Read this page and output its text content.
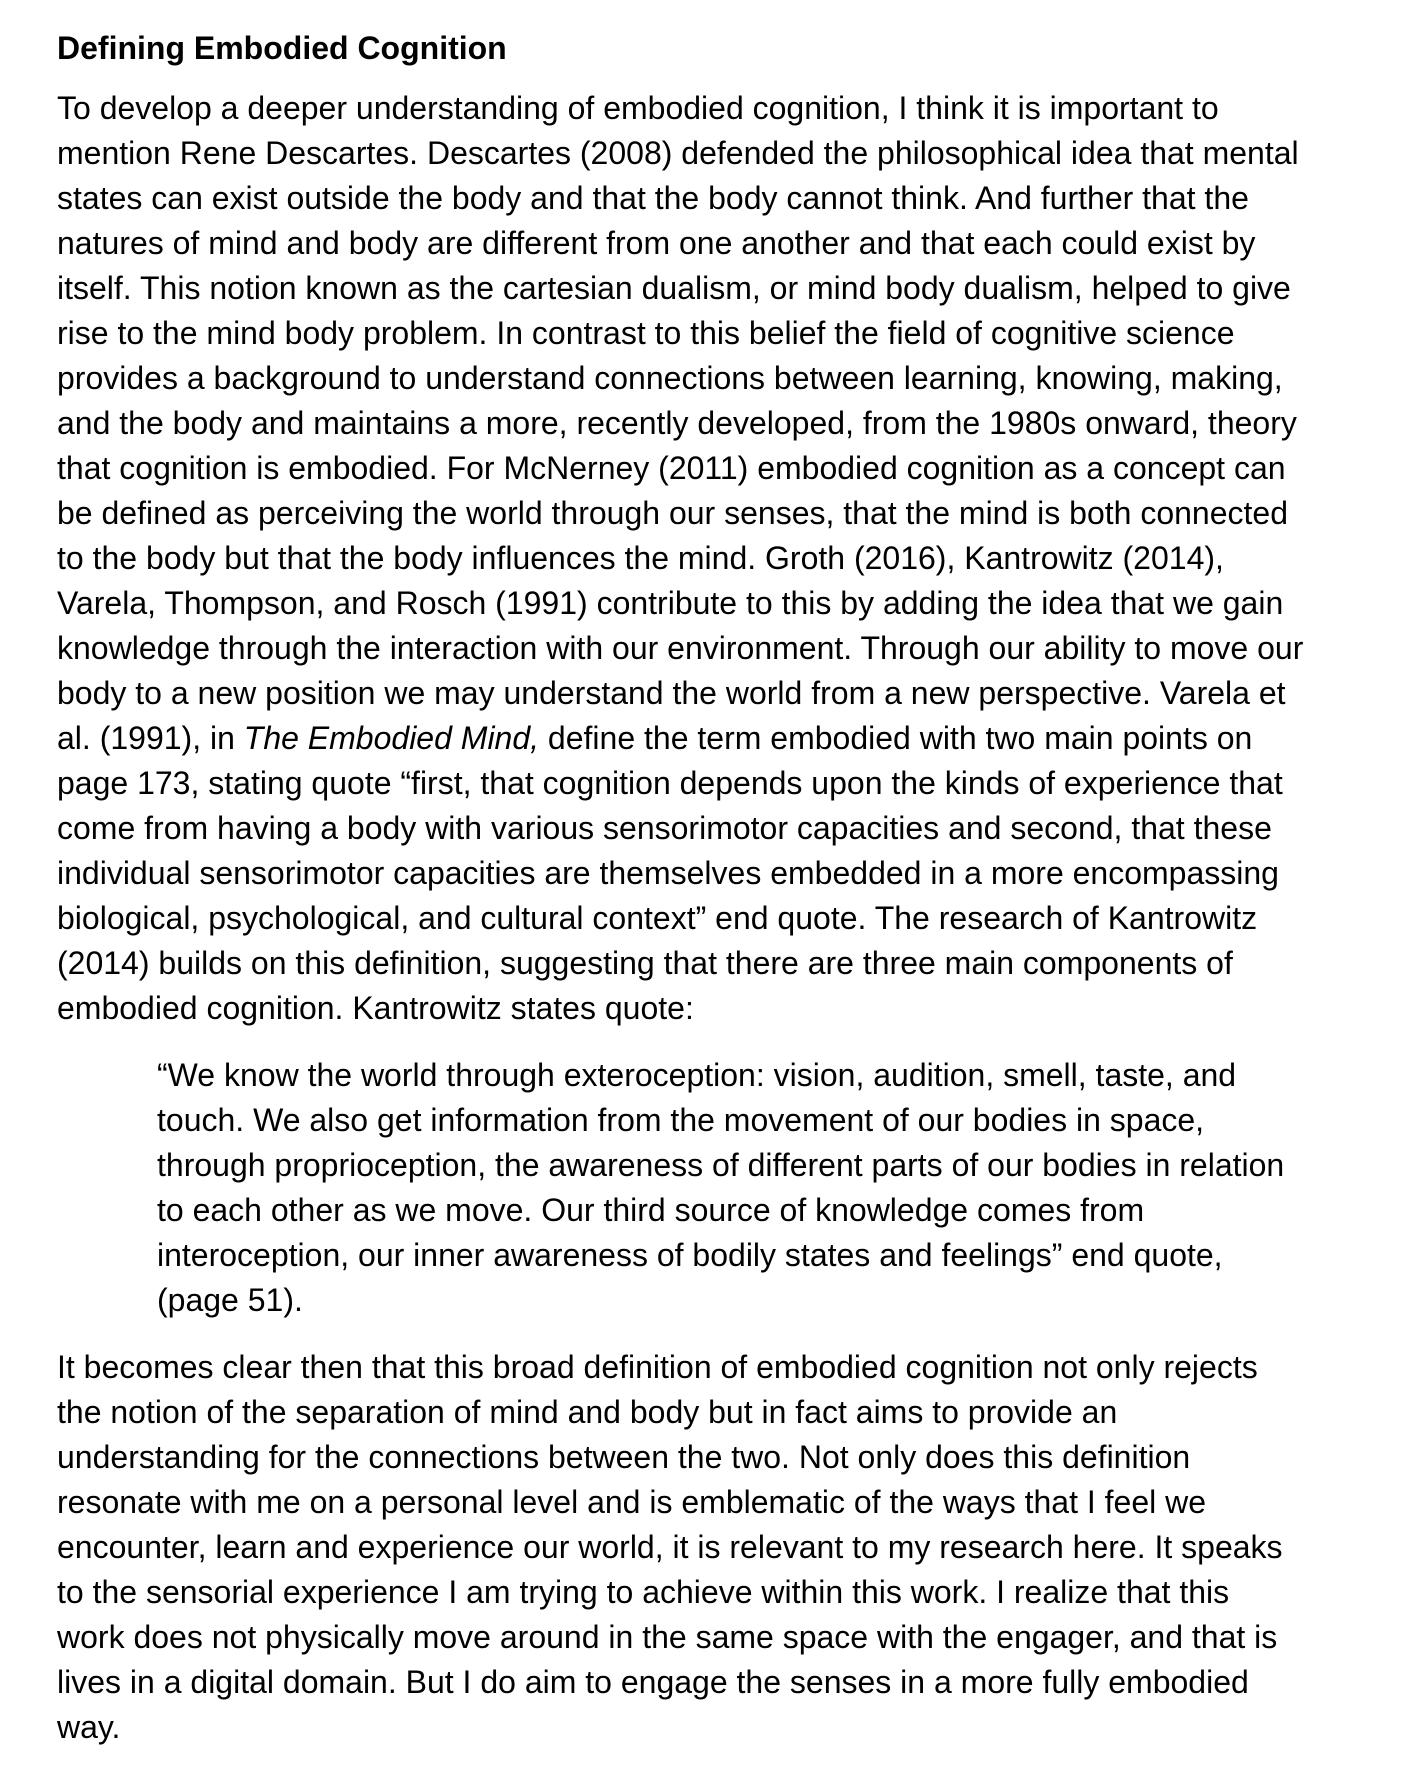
Defining Embodied Cognition

To develop a deeper understanding of embodied cognition, I think it is important to
mention Rene Descartes. Descartes (2008) defended the philosophical idea that mental
states can exist outside the body and that the body cannot think. And further that the
natures of mind and body are different from one another and that each could exist by
itself. This notion known as the cartesian dualism, or mind body dualism, helped to give
rise to the mind body problem. In contrast to this belief the field of cognitive science
provides a background to understand connections between learning, knowing, making,
and the body and maintains a more, recently developed, from the 1980s onward, theory
that cognition is embodied. For McNerney (2011) embodied cognition as a concept can
be defined as perceiving the world through our senses, that the mind is both connected
to the body but that the body influences the mind. Groth (2016), Kantrowitz (2014),
Varela, Thompson, and Rosch (1991) contribute to this by adding the idea that we gain
knowledge through the interaction with our environment. Through our ability to move our
body to a new position we may understand the world from a new perspective. Varela et
al. (1991), in The Embodied Mind, define the term embodied with two main points on
page 173, stating quote “first, that cognition depends upon the kinds of experience that
come from having a body with various sensorimotor capacities and second, that these
individual sensorimotor capacities are themselves embedded in a more encompassing
biological, psychological, and cultural context” end quote. The research of Kantrowitz
(2014) builds on this definition, suggesting that there are three main components of
embodied cognition. Kantrowitz states quote:

“We know the world through exteroception: vision, audition, smell, taste, and
touch. We also get information from the movement of our bodies in space,
through proprioception, the awareness of different parts of our bodies in relation
to each other as we move. Our third source of knowledge comes from
interoception, our inner awareness of bodily states and feelings” end quote,
(page 51).

It becomes clear then that this broad definition of embodied cognition not only rejects
the notion of the separation of mind and body but in fact aims to provide an
understanding for the connections between the two. Not only does this definition
resonate with me on a personal level and is emblematic of the ways that I feel we
encounter, learn and experience our world, it is relevant to my research here. It speaks
to the sensorial experience I am trying to achieve within this work. I realize that this
work does not physically move around in the same space with the engager, and that is
lives in a digital domain. But I do aim to engage the senses in a more fully embodied
way.
